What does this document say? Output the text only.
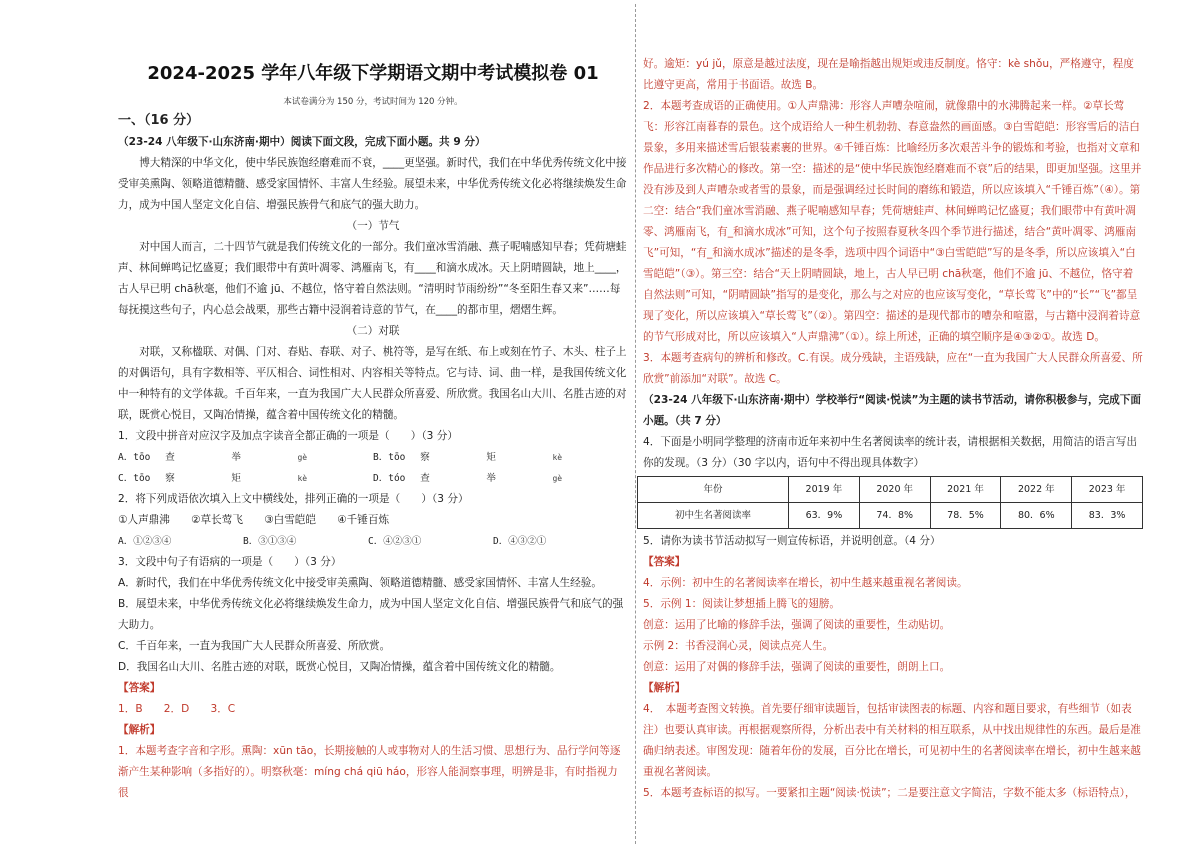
2024-2025 学年八年级下学期语文期中考试模拟卷 01
本试卷满分为 150 分，考试时间为 120 分钟。
一、（16 分）
（23-24 八年级下·山东济南·期中）阅读下面文段，完成下面小题。共 9 分）
博大精深的中华文化，使中华民族饱经磨难而不衰，____更坚强。新时代，我们在中华优秀传统文化中接受审美熏陶、领略道德精髓、感受家国情怀、丰富人生经验。展望未来，中华优秀传统文化必将继续焕发生命力，成为中国人坚定文化自信、增强民族骨气和底气的强大助力。
（一）节气
对中国人而言，二十四节气就是我们传统文化的一部分。我们童冰雪消融、燕子呢喃感知早春；凭荷塘蛙声、林间蝉鸣记忆盛夏；我们眼带中有黄叶凋零、鸿雁南飞，有____和滴水成冰。天上阴晴圆缺，地上____，古人早已明 chā秋毫，他们不逾 jū、不越位，恪守着自然法则。“清明时节雨纷纷”“冬至阳生春又来”……每每抚摸这些句子，内心总会战栗，那些古籍中浸润着诗意的节气，在____的都市里，熠熠生辉。
（二）对联
对联，又称楹联、对偶、门对、春贴、春联、对子、桃符等，是写在纸、布上或刻在竹子、木头、柱子上的对偶语句，具有字数相等、平仄相合、词性相对、内容相关等特点。它与诗、词、曲一样，是我国传统文化中一种特有的文学体裁。千百年来，一直为我国广大人民群众所喜爱、所欣赏。我国名山大川、名胜古迹的对联，既赏心悦目，又陶冶情操，蕴含着中国传统文化的精髓。
1．文段中拼音对应汉字及加点字读音全都正确的一项是（　　）（3 分）
A．tōo	查	举	gè	B．tōo	察	矩	kè
C．tōo	察	矩	kè	D．tóo	查	举	gè
2．将下列成语依次填入上文中横线处，排列正确的一项是（　　）（3 分）
①人声鼎沸　　②草长莺飞　　③白雪皑皑　　④千锤百炼
A．①②③④	B．③①③④	C．④②③①	D．④③②①
3．文段中句子有语病的一项是（　　）（3 分）
A．新时代，我们在中华优秀传统文化中接受审美熏陶、领略道德精髓、感受家国情怀、丰富人生经验。
B．展望未来，中华优秀传统文化必将继续焕发生命力，成为中国人坚定文化自信、增强民族骨气和底气的强大助力。
C．千百年来，一直为我国广大人民群众所喜爱、所欣赏。
D．我国名山大川、名胜古迹的对联，既赏心悦目，又陶冶情操，蕴含着中国传统文化的精髓。
【答案】
1．B　　2．D　　3．C
【解析】
1．本题考查字音和字形。熏陶：xūn tāo，长期接触的人或事物对人的生活习惯、思想行为、品行学问等逐渐产生某种影响（多指好的）。明察秋毫：míng chá qiū háo，形容人能洞察事理，明辨是非，有时指视力很
好。逾矩：yú jǔ，原意是越过法度，现在是喻指越出规矩或违反制度。恪守：kè shǒu，严格遵守，程度比遵守更高，常用于书面语。故选 B。
2．本题考查成语的正确使用。①人声鼎沸：形容人声嘈杂喧闹，就像鼎中的水沸腾起来一样。②草长莺飞：形容江南暮春的景色。这个成语给人一种生机勃勃、春意盎然的画面感。③白雪皑皑：形容雪后的洁白景象，多用来描述雪后银装素裹的世界。④千锤百炼：比喻经历多次艰苦斗争的锻炼和考验，也指对文章和作品进行多次精心的修改。第一空：描述的是“使中华民族饱经磨难而不衰”后的结果，即更加坚强。这里并没有涉及到人声嘈杂或者雪的景象，而是强调经过长时间的磨练和锻造，所以应该填入“千锤百炼”（④）。第二空：结合“我们童冰雪消融、燕子呢喃感知早春；凭荷塘蛙声、林间蝉鸣记忆盛夏；我们眼带中有黄叶凋零、鸿雁南飞，有_和滴水成冰”可知，这个句子按照春夏秋冬四个季节进行描述，结合“黄叶凋零、鸿雁南飞”可知，“有_和滴水成冰”描述的是冬季，选项中四个词语中“③白雪皑皑”写的是冬季，所以应该填入“白雪皑皑”（③）。第三空：结合“天上阴晴圆缺，地上，古人早已明 chā秋毫，他们不逾 jū、不越位，恪守着自然法则”可知，“阴晴圆缺”指写的是变化，那么与之对应的也应该写变化，“草长莺飞”中的“长”“飞”都呈现了变化，所以应该填入“草长莺飞”（②）。第四空：描述的是现代都市的嘈杂和喧嚣，与古籍中浸润着诗意的节气形成对比，所以应该填入“人声鼎沸”（①）。综上所述，正确的填空顺序是④③②①。故选 D。
3．本题考查病句的辨析和修改。C.有误。成分残缺，主语残缺，应在“一直为我国广大人民群众所喜爱、所欣赏”前添加“对联”。故选 C。
（23-24 八年级下·山东济南·期中）学校举行“阅读·悦读”为主题的读书节活动，请你积极参与，完成下面小题。（共 7 分）
4．下面是小明同学整理的济南市近年来初中生名著阅读率的统计表，请根据相关数据，用简洁的语言写出你的发现。（3 分）（30 字以内，语句中不得出现具体数字）
年份	2019 年	2020 年	2021 年	2022 年	2023 年
初中生名著阅读率	63．9%	74．8%	78．5%	80．6%	83．3%
5．请你为读书节活动拟写一则宣传标语，并说明创意。（4 分）
【答案】
4．示例：初中生的名著阅读率在增长，初中生越来越重视名著阅读。
5．示例 1：阅读让梦想插上腾飞的翅膀。
创意：运用了比喻的修辞手法，强调了阅读的重要性，生动贴切。
示例 2：书香浸润心灵，阅读点亮人生。
创意：运用了对偶的修辞手法，强调了阅读的重要性，朗朗上口。
【解析】
4．　本题考查图文转换。首先要仔细审读题旨，包括审读图表的标题、内容和题目要求，有些细节（如表注）也要认真审读。再根据观察所得，分析出表中有关材料的相互联系，从中找出规律性的东西。最后是准确归纳表述。审图发现：随着年份的发展，百分比在增长，可见初中生的名著阅读率在增长，初中生越来越重视名著阅读。
5．本题考查标语的拟写。一要紧扣主题“阅读·悦读”；二是要注意文字简洁，字数不能太多（标语特点），
